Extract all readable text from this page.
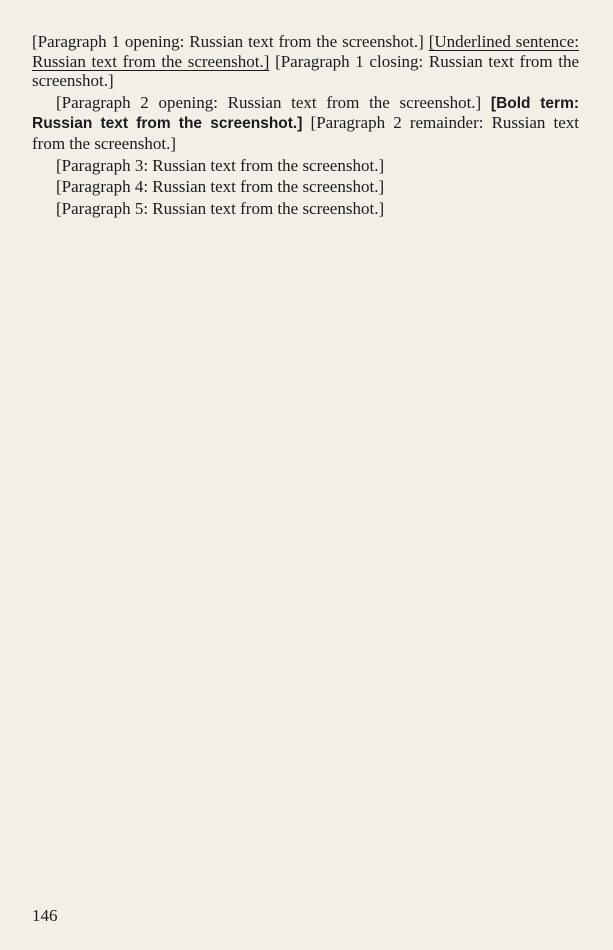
[Paragraph 1 opening: Russian text from the screenshot.] [Underlined sentence: Russian text from the screenshot.] [Paragraph 1 closing: Russian text from the screenshot.]

[Paragraph 2 opening: Russian text from the screenshot.] [Bold term: Russian text from the screenshot.] [Paragraph 2 remainder: Russian text from the screenshot.]

[Paragraph 3: Russian text from the screenshot.]

[Paragraph 4: Russian text from the screenshot.]

[Paragraph 5: Russian text from the screenshot.]

146
